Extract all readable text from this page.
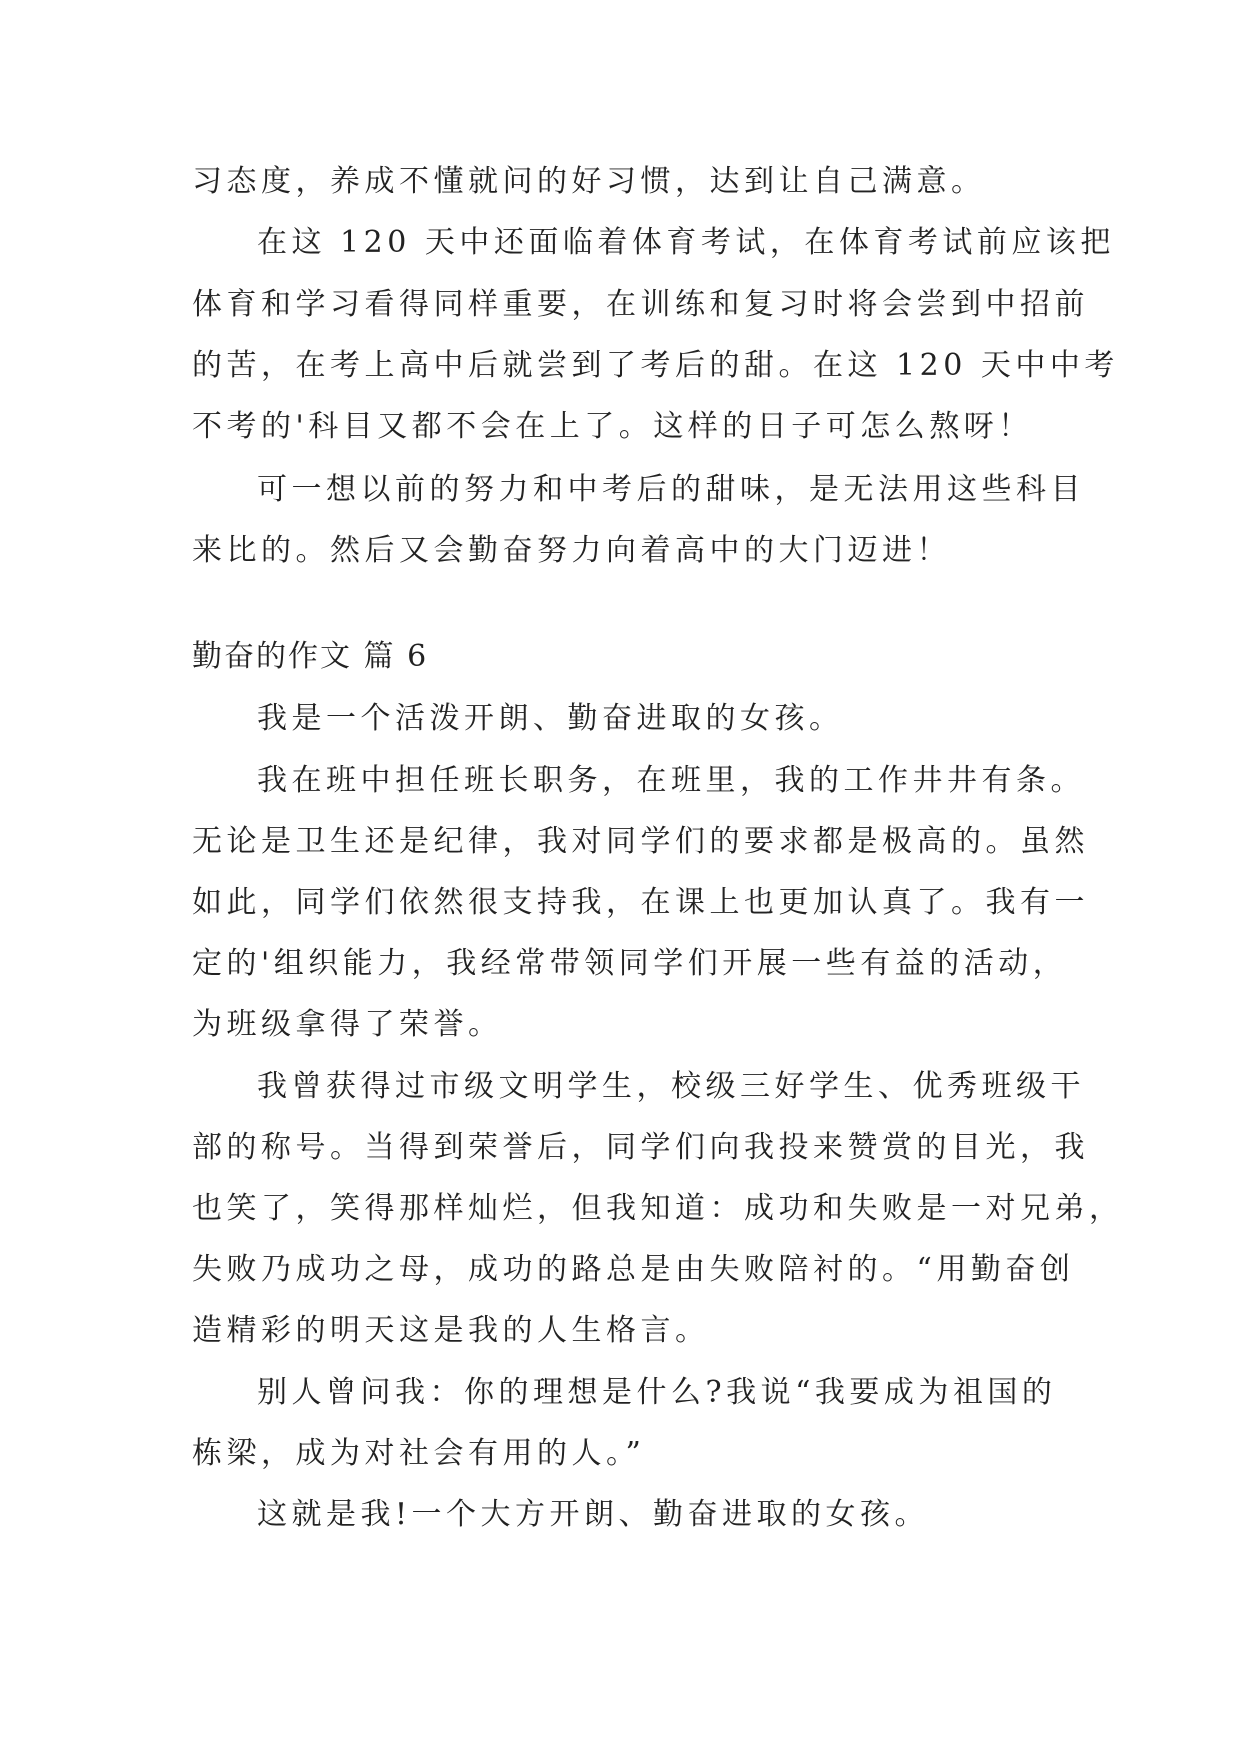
习态度，养成不懂就问的好习惯，达到让自己满意。
在这 120 天中还面临着体育考试，在体育考试前应该把
体育和学习看得同样重要，在训练和复习时将会尝到中招前
的苦，在考上高中后就尝到了考后的甜。在这 120 天中中考
不考的'科目又都不会在上了。这样的日子可怎么熬呀！
可一想以前的努力和中考后的甜味，是无法用这些科目
来比的。然后又会勤奋努力向着高中的大门迈进！
勤奋的作文 篇 6
我是一个活泼开朗、勤奋进取的女孩。
我在班中担任班长职务，在班里，我的工作井井有条。
无论是卫生还是纪律，我对同学们的要求都是极高的。虽然
如此，同学们依然很支持我，在课上也更加认真了。我有一
定的'组织能力，我经常带领同学们开展一些有益的活动，
为班级拿得了荣誉。
我曾获得过市级文明学生，校级三好学生、优秀班级干
部的称号。当得到荣誉后，同学们向我投来赞赏的目光，我
也笑了，笑得那样灿烂，但我知道：成功和失败是一对兄弟，
失败乃成功之母，成功的路总是由失败陪衬的。“用勤奋创
造精彩的明天这是我的人生格言。
别人曾问我：你的理想是什么?我说“我要成为祖国的
栋梁，成为对社会有用的人。”
这就是我!一个大方开朗、勤奋进取的女孩。
